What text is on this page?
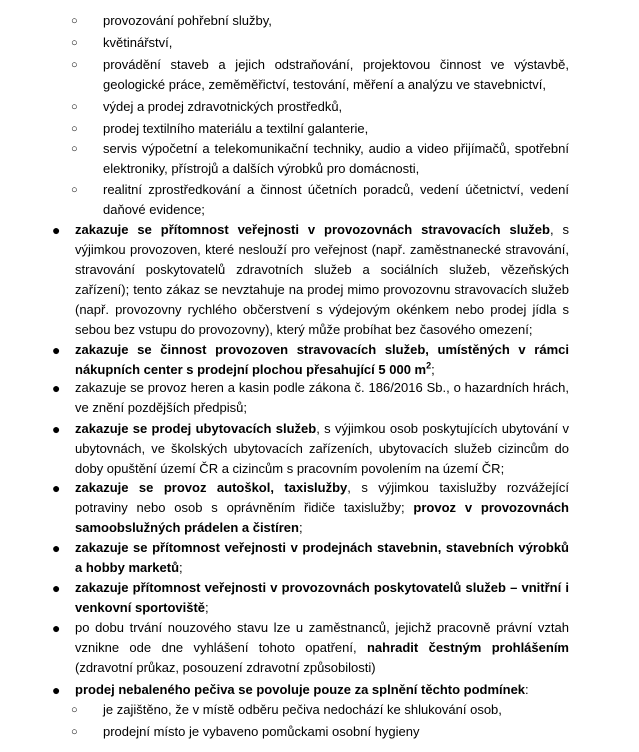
○ provozování pohřební služby,
○ květinářství,
○ provádění staveb a jejich odstraňování, projektovou činnost ve výstavbě, geologické práce, zeměměřictví, testování, měření a analýzu ve stavebnictví,
○ výdej a prodej zdravotnických prostředků,
○ prodej textilního materiálu a textilní galanterie,
○ servis výpočetní a telekomunikační techniky, audio a video přijímačů, spotřební elektroniky, přístrojů a dalších výrobků pro domácnosti,
○ realitní zprostředkování a činnost účetních poradců, vedení účetnictví, vedení daňové evidence;
● zakazuje se přítomnost veřejnosti v provozovnách stravovacích služeb, s výjimkou provozoven, které neslouží pro veřejnost (např. zaměstnanecké stravování, stravování poskytovatelů zdravotních služeb a sociálních služeb, vězeňských zařízení); tento zákaz se nevztahuje na prodej mimo provozovnu stravovacích služeb (např. provozovny rychlého občerstvení s výdejovým okénkem nebo prodej jídla s sebou bez vstupu do provozovny), který může probíhat bez časového omezení;
● zakazuje se činnost provozoven stravovacích služeb, umístěných v rámci nákupních center s prodejní plochou přesahující 5 000 $m^2$;
● zakazuje se provoz heren a kasin podle zákona č. 186/2016 Sb., o hazardních hrách, ve znění pozdějších předpisů;
● zakazuje se prodej ubytovacích služeb, s výjimkou osob poskytujících ubytování v ubytovnách, ve školských ubytovacích zařízeních, ubytovacích služeb cizincům do doby opuštění území ČR a cizincům s pracovním povolením na území ČR;
● zakazuje se provoz autoškol, taxislužby, s výjimkou taxislužby rozvážející potraviny nebo osob s oprávněním řidiče taxislužby; provoz v provozovnách samoobslužných prádelen a čistíren;
● zakazuje se přítomnost veřejnosti v prodejnách stavebnin, stavebních výrobků a hobby marketů;
● zakazuje přítomnost veřejnosti v provozovnách poskytovatelů služeb – vnitřní i venkovní sportoviště;
● po dobu trvání nouzového stavu lze u zaměstnanců, jejichž pracovně právní vztah vznikne ode dne vyhlášení tohoto opatření, nahradit čestným prohlášením (zdravotní průkaz, posouzení zdravotní způsobilosti)
● prodej nebaleného pečiva se povoluje pouze za splnění těchto podmínek:
○ je zajištěno, že v místě odběru pečiva nedochází ke shlukování osob,
○ prodejní místo je vybaveno pomůckami osobní hygieny
